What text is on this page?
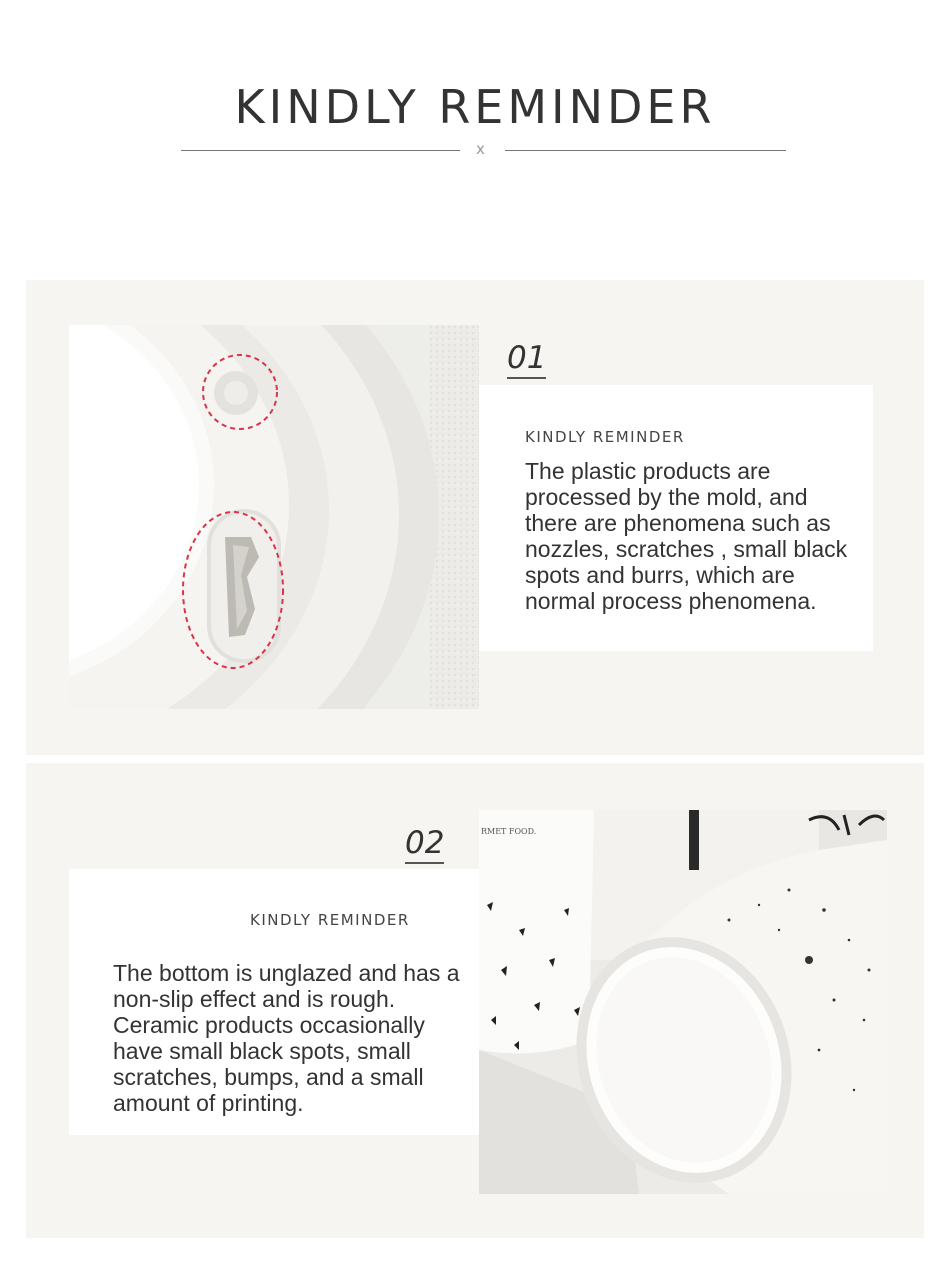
KINDLY REMINDER
x
01
KINDLY REMINDER
The plastic products are processed by the mold, and there are phenomena such as nozzles, scratches , small black spots and burrs, which are normal process phenomena.
02
KINDLY REMINDER
The bottom is unglazed and has a non-slip effect and is rough. Ceramic products occasionally have small black spots, small scratches, bumps, and a small amount of printing.
RMET FOOD.
